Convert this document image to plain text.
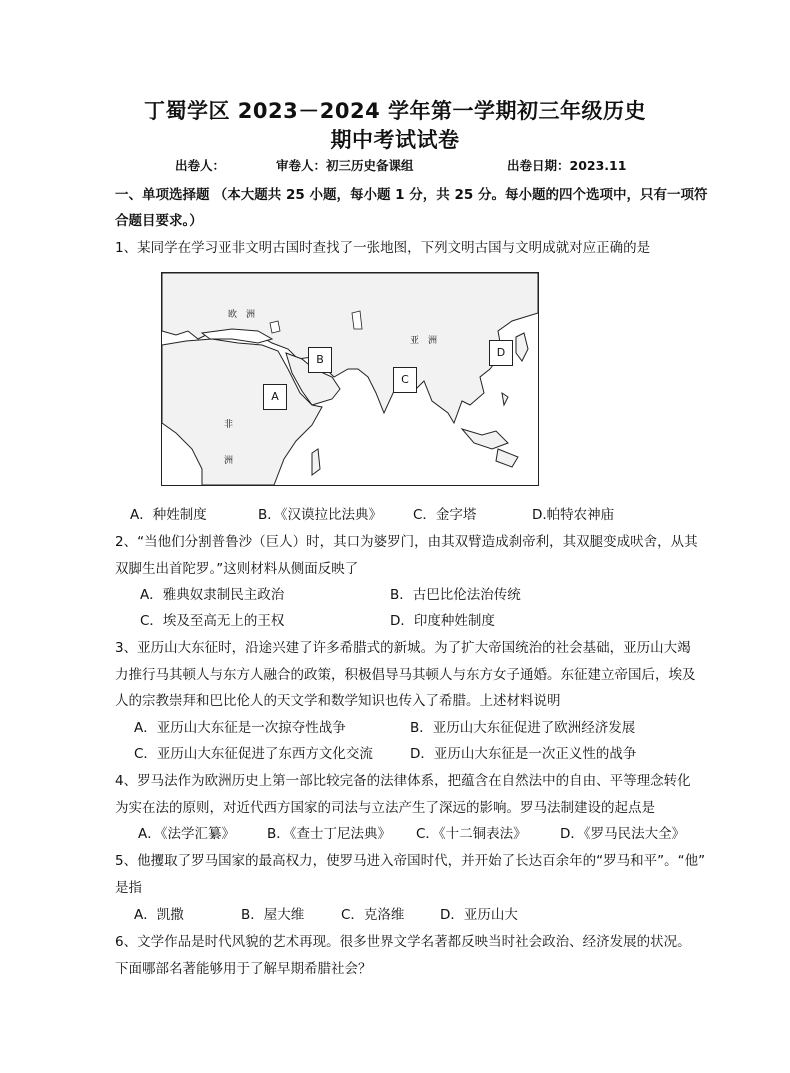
丁蜀学区 2023－2024 学年第一学期初三年级历史
期中考试试卷
出卷人：	审卷人：初三历史备课组	出卷日期：2023.11
一、单项选择题 （本大题共 25 小题，每小题 1 分，共 25 分。每小题的四个选项中，只有一项符
合题目要求。）
1、某同学在学习亚非文明古国时查找了一张地图，下列文明古国与文明成就对应正确的是
欧　洲
亚　洲
非
洲
A
B
C
D
A．种姓制度	B．《汉谟拉比法典》 C．金字塔	D.帕特农神庙
2、“当他们分割普鲁沙（巨人）时，其口为婆罗门，由其双臂造成刹帝利，其双腿变成吠舍，从其
双脚生出首陀罗。”这则材料从侧面反映了
A．雅典奴隶制民主政治	B．古巴比伦法治传统
C．埃及至高无上的王权	D．印度种姓制度
3、亚历山大东征时，沿途兴建了许多希腊式的新城。为了扩大帝国统治的社会基础，亚历山大竭
力推行马其顿人与东方人融合的政策，积极倡导马其顿人与东方女子通婚。东征建立帝国后，埃及
人的宗教崇拜和巴比伦人的天文学和数学知识也传入了希腊。上述材料说明
A．亚历山大东征是一次掠夺性战争	B．亚历山大东征促进了欧洲经济发展
C．亚历山大东征促进了东西方文化交流	D．亚历山大东征是一次正义性的战争
4、罗马法作为欧洲历史上第一部比较完备的法律体系，把蕴含在自然法中的自由、平等理念转化
为实在法的原则，对近代西方国家的司法与立法产生了深远的影响。罗马法制建设的起点是
A．《法学汇纂》 B．《查士丁尼法典》 C．《十二铜表法》 D．《罗马民法大全》
5、他攫取了罗马国家的最高权力，使罗马进入帝国时代，并开始了长达百余年的“罗马和平”。“他”
是指
A．凯撒	B．屋大维	C．克洛维	D．亚历山大
6、文学作品是时代风貌的艺术再现。很多世界文学名著都反映当时社会政治、经济发展的状况。
下面哪部名著能够用于了解早期希腊社会？
